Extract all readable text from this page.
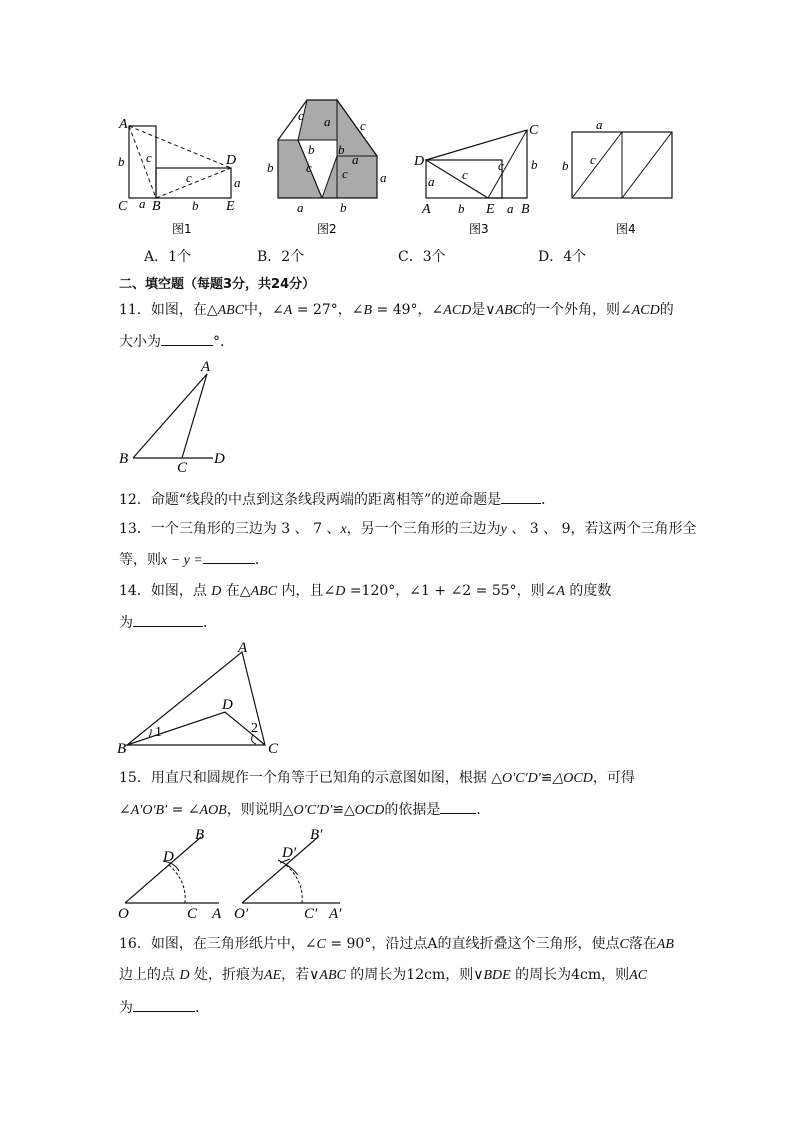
A
C B
D
E
a
a
b
b
c
c
图1
c a c
b b
c
a
c a
a	b
b
图2
C
D
a c
c b
A b E a B
图3
a
b c
图4
A．1个	B．2个	C．3个	D．4个
二、填空题（每题3分，共24分）
11．如图，在△ABC中，∠A = 27°，∠B = 49°，∠ACD是∨ABC的一个外角，则∠ACD的
大小为	°．
A
B
C
D
12．命题“线段的中点到这条线段两端的距离相等”的逆命题是	．
13．一个三角形的三边为 3 、 7 、x，另一个三角形的三边为y 、 3 、 9，若这两个三角形全
等，则x − y =	．
14．如图，点 D 在△ABC 内，且∠D =120°，∠1 + ∠2 = 55°，则∠A 的度数
为	．
A
B	C
D
1	2
15．用直尺和圆规作一个角等于已知角的示意图如图，根据 △O′C′D′≌△OCD，可得
∠A′O′B′ = ∠AOB，则说明△O′C′D′≌△OCD的依据是	．
B
D
O	C A
B′
D′
O′	C′ A′
16．如图，在三角形纸片中，∠C = 90°，沿过点A的直线折叠这个三角形，使点C落在AB
边上的点 D 处，折痕为AE，若∨ABC 的周长为12cm，则∨BDE 的周长为4cm，则AC
为	．
